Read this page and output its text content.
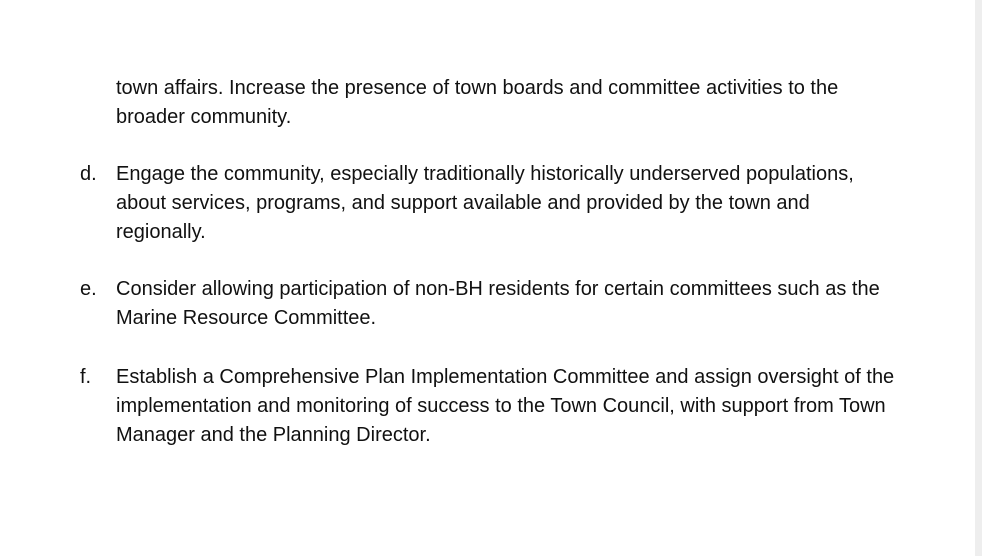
town affairs. Increase the presence of town boards and committee activities to the
broader community.

d. Engage the community, especially traditionally historically underserved populations,
about services, programs, and support available and provided by the town and
regionally.

e. Consider allowing participation of non-BH residents for certain committees such as the
Marine Resource Committee.

f.	Establish a Comprehensive Plan Implementation Committee and assign oversight of the
implementation and monitoring of success to the Town Council, with support from Town
Manager and the Planning Director.
